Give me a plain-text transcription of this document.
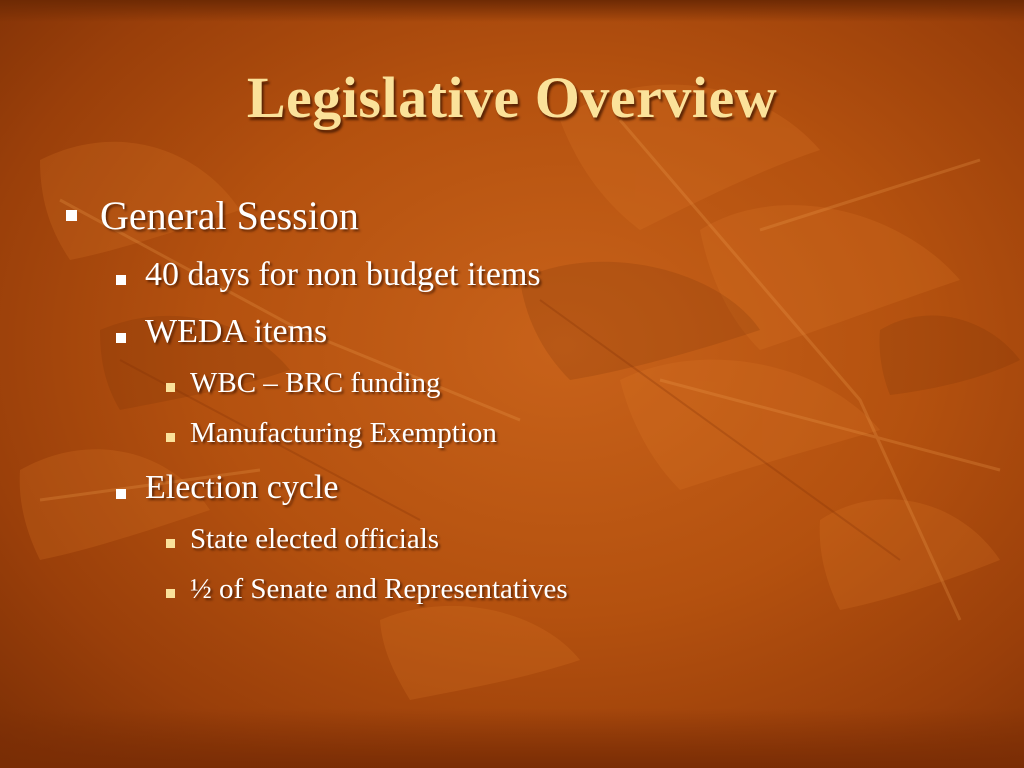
Legislative Overview
General Session
40 days for non budget items
WEDA items
WBC – BRC funding
Manufacturing Exemption
Election cycle
State elected officials
½ of Senate and Representatives
